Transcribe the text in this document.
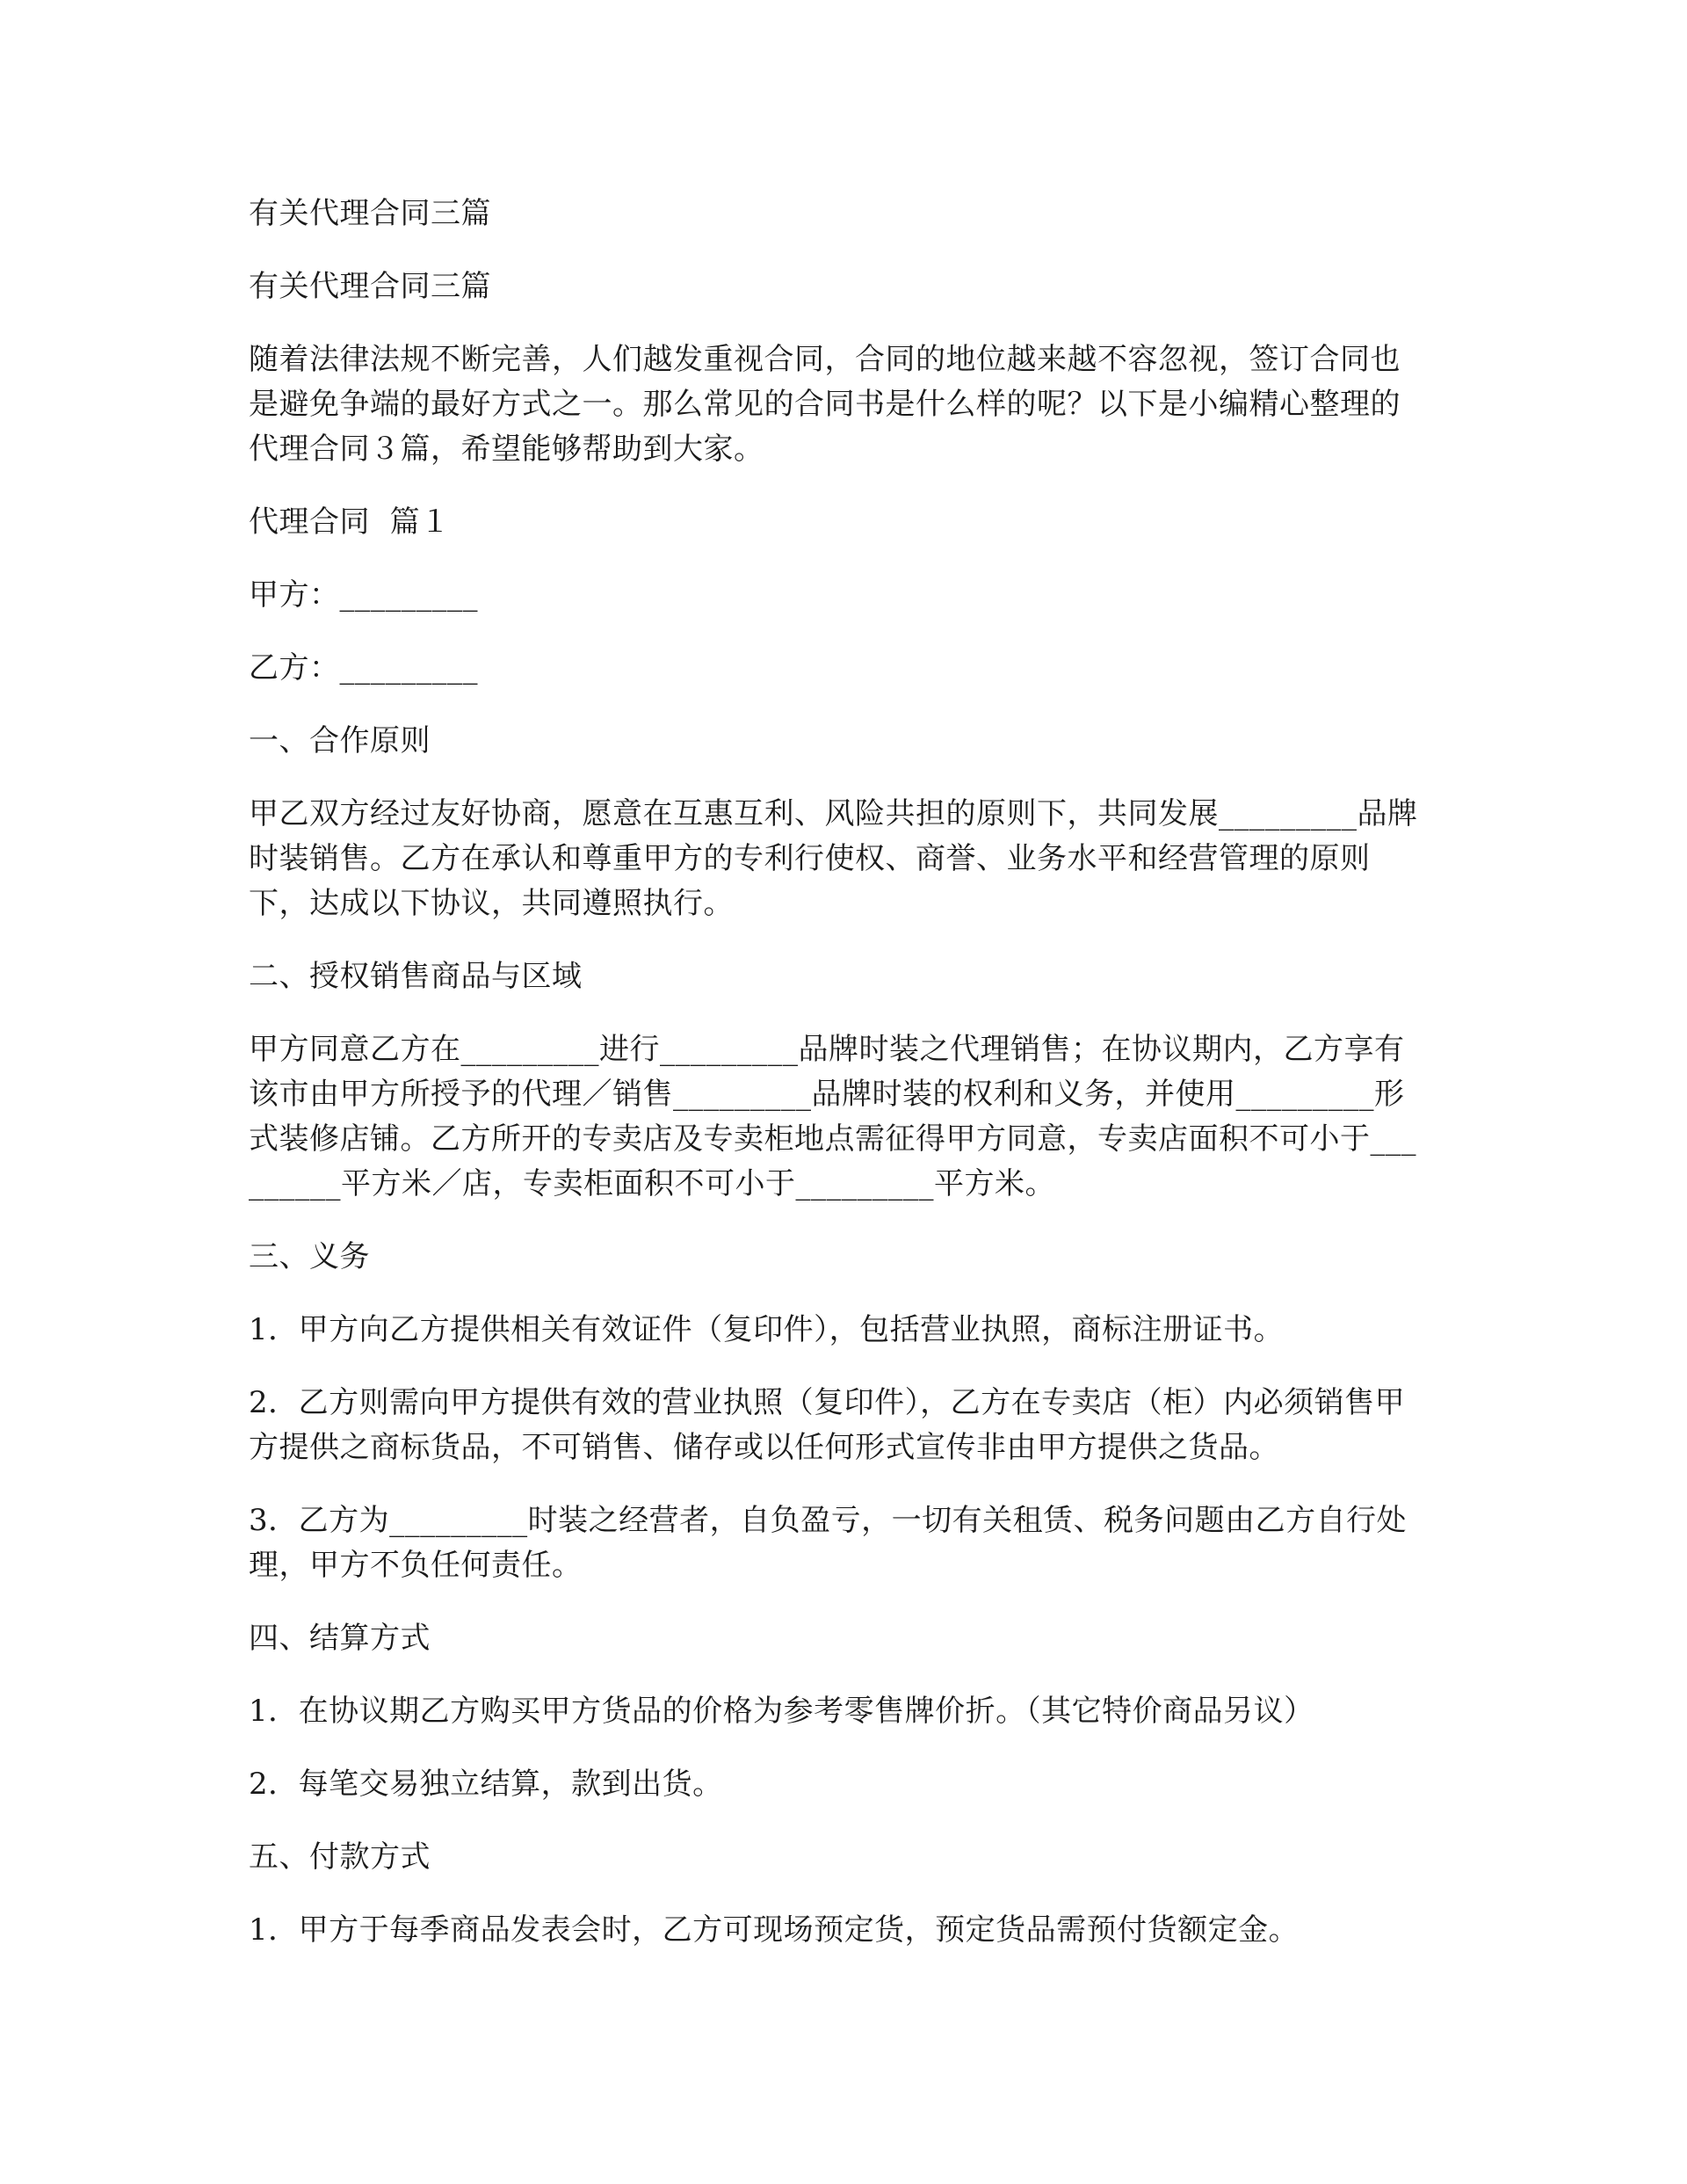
有关代理合同三篇

有关代理合同三篇

随着法律法规不断完善，人们越发重视合同，合同的地位越来越不容忽视，签订合同也是避免争端的最好方式之一。那么常见的合同书是什么样的呢？以下是小编精心整理的代理合同３篇，希望能够帮助到大家。

代理合同  篇１

甲方：_________

乙方：_________

一、合作原则

甲乙双方经过友好协商，愿意在互惠互利、风险共担的原则下，共同发展_________品牌时装销售。乙方在承认和尊重甲方的专利行使权、商誉、业务水平和经营管理的原则下，达成以下协议，共同遵照执行。

二、授权销售商品与区域

甲方同意乙方在_________进行_________品牌时装之代理销售；在协议期内，乙方享有该市由甲方所授予的代理／销售_________品牌时装的权利和义务，并使用_________形式装修店铺。乙方所开的专卖店及专卖柜地点需征得甲方同意，专卖店面积不可小于_________平方米／店，专卖柜面积不可小于_________平方米。

三、义务

1．甲方向乙方提供相关有效证件（复印件），包括营业执照，商标注册证书。

2．乙方则需向甲方提供有效的营业执照（复印件），乙方在专卖店（柜）内必须销售甲方提供之商标货品，不可销售、储存或以任何形式宣传非由甲方提供之货品。

3．乙方为_________时装之经营者，自负盈亏，一切有关租赁、税务问题由乙方自行处理，甲方不负任何责任。

四、结算方式

1．在协议期乙方购买甲方货品的价格为参考零售牌价折。（其它特价商品另议）

2．每笔交易独立结算，款到出货。

五、付款方式

1．甲方于每季商品发表会时，乙方可现场预定货，预定货品需预付货额定金。
